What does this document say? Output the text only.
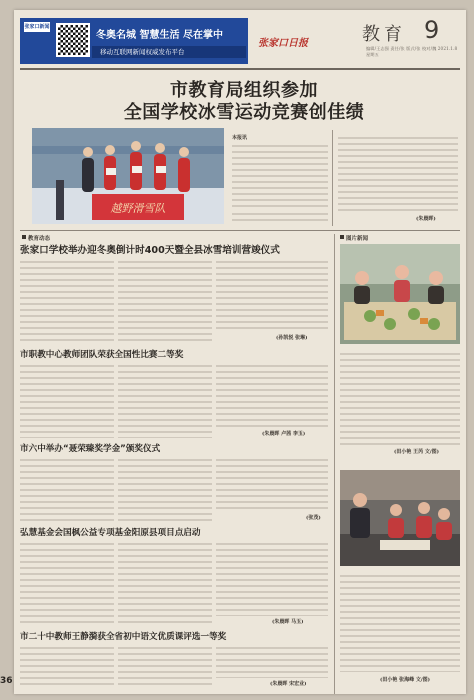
张家口新闻
冬奥名城 智慧生活 尽在掌中
移动互联网新闻权威发布平台
张家口日报	教育 9
编辑/王志强 责任/张 版式/张 校对/魏 2021.1.8 星期五
市教育局组织参加
全国学校冰雪运动竞赛创佳绩
越野滑雪队
本报讯
(朱晨晖)
教育动态	图片新闻
张家口学校举办迎冬奥倒计时400天暨全县冰雪培训营竣仪式
(孙凯悦 张琳)
市职教中心教师团队荣获全国性比赛二等奖
(朱晨晖 卢茜 李玉)
市六中举办“聂荣臻奖学金”颁奖仪式
(张茂)
弘慧基金会国枫公益专项基金阳原县项目点启动
(朱晨晖 马玉)
市二十中教师王静漪获全省初中语文优质课评选一等奖
(朱晨晖 宋宏业)
(田小艳 王芮 文/图)
(田小艳 张海峰 文/图)
36
